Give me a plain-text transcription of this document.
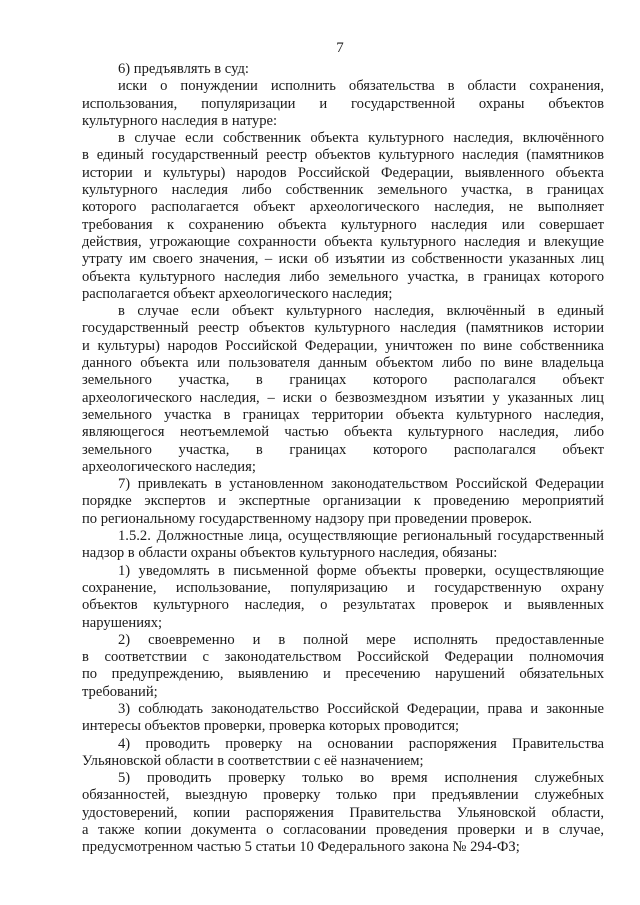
7
6) предъявлять в суд:
иски о понуждении исполнить обязательства в области сохранения,
использования, популяризации и государственной охраны объектов
культурного наследия в натуре:
в случае если собственник объекта культурного наследия, включённого
в единый государственный реестр объектов культурного наследия (памятников
истории и культуры) народов Российской Федерации, выявленного объекта
культурного наследия либо собственник земельного участка, в границах
которого располагается объект археологического наследия, не выполняет
требования к сохранению объекта культурного наследия или совершает
действия, угрожающие сохранности объекта культурного наследия и влекущие
утрату им своего значения, – иски об изъятии из собственности указанных лиц
объекта культурного наследия либо земельного участка, в границах которого
располагается объект археологического наследия;
в случае если объект культурного наследия, включённый в единый
государственный реестр объектов культурного наследия (памятников истории
и культуры) народов Российской Федерации, уничтожен по вине собственника
данного объекта или пользователя данным объектом либо по вине владельца
земельного участка, в границах которого располагался объект
археологического наследия, – иски о безвозмездном изъятии у указанных лиц
земельного участка в границах территории объекта культурного наследия,
являющегося неотъемлемой частью объекта культурного наследия, либо
земельного участка, в границах которого располагался объект
археологического наследия;
7) привлекать в установленном законодательством Российской Федерации
порядке экспертов и экспертные организации к проведению мероприятий
по региональному государственному надзору при проведении проверок.
1.5.2. Должностные лица, осуществляющие региональный государственный
надзор в области охраны объектов культурного наследия, обязаны:
1) уведомлять в письменной форме объекты проверки, осуществляющие
сохранение, использование, популяризацию и государственную охрану
объектов культурного наследия, о результатах проверок и выявленных
нарушениях;
2) своевременно и в полной мере исполнять предоставленные
в соответствии с законодательством Российской Федерации полномочия
по предупреждению, выявлению и пресечению нарушений обязательных
требований;
3) соблюдать законодательство Российской Федерации, права и законные
интересы объектов проверки, проверка которых проводится;
4) проводить проверку на основании распоряжения Правительства
Ульяновской области в соответствии с её назначением;
5) проводить проверку только во время исполнения служебных
обязанностей, выездную проверку только при предъявлении служебных
удостоверений, копии распоряжения Правительства Ульяновской области,
а также копии документа о согласовании проведения проверки и в случае,
предусмотренном частью 5 статьи 10 Федерального закона № 294-ФЗ;
